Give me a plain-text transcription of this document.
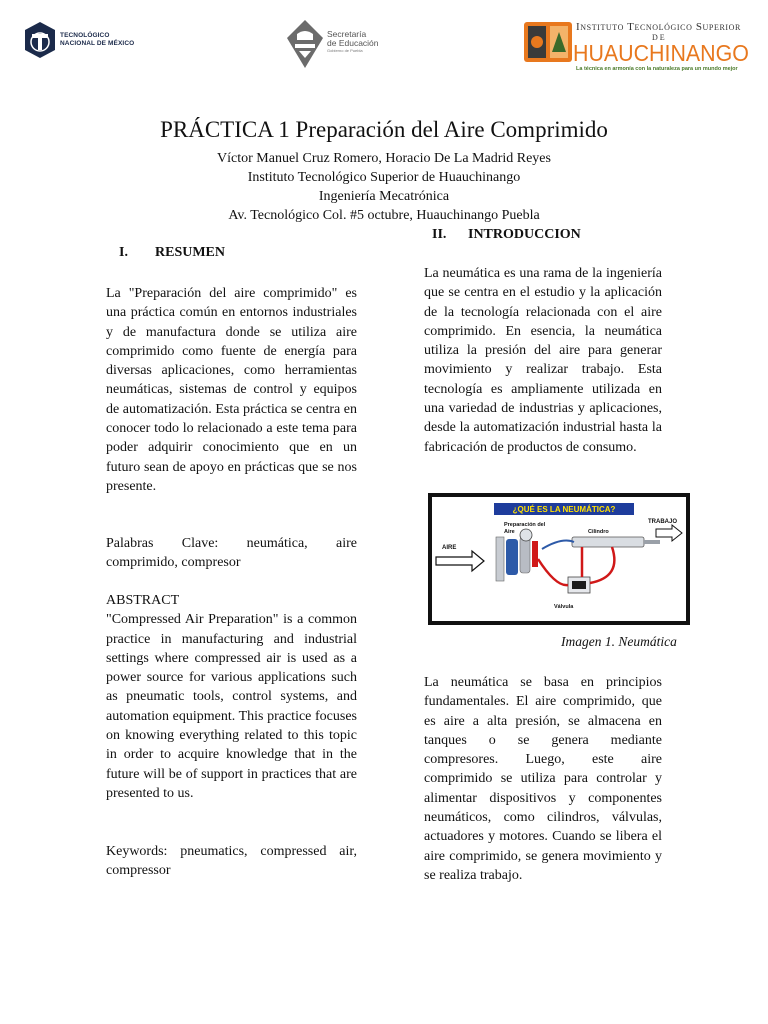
TECNOLÓGICO
NACIONAL DE MÉXICO
Secretaría
de Educación
Gobierno de Puebla
Instituto Tecnológico Superior
DE
HUAUCHINANGO
La técnica en armonía con la naturaleza para un mundo mejor
PRÁCTICA 1 Preparación del Aire Comprimido
Víctor Manuel Cruz Romero, Horacio De La Madrid Reyes
Instituto Tecnológico Superior de Huauchinango
Ingeniería Mecatrónica
Av. Tecnológico Col. #5 octubre, Huauchinango Puebla
I. RESUMEN

La "Preparación del aire comprimido" es una práctica común en entornos industriales y de manufactura donde se utiliza aire comprimido como fuente de energía para diversas aplicaciones, como herramientas neumáticas, sistemas de control y equipos de automatización. Esta práctica se centra en conocer todo lo relacionado a este tema para poder adquirir conocimiento que en un futuro sean de apoyo en prácticas que se nos presente.

Palabras Clave: neumática, aire comprimido, compresor

ABSTRACT

"Compressed Air Preparation" is a common practice in manufacturing and industrial settings where compressed air is used as a power source for various applications such as pneumatic tools, control systems, and automation equipment. This practice focuses on knowing everything related to this topic in order to acquire knowledge that in the future will be of support in practices that are presented to us.

Keywords: pneumatics, compressed air, compressor

II. INTRODUCCION

La neumática es una rama de la ingeniería que se centra en el estudio y la aplicación de la tecnología relacionada con el aire comprimido. En esencia, la neumática utiliza la presión del aire para generar movimiento y realizar trabajo. Esta tecnología es ampliamente utilizada en una variedad de industrias y aplicaciones, desde la automatización industrial hasta la fabricación de productos de consumo.

¿QUÉ ES LA NEUMÁTICA?
Preparación del
Aire	Cilindro
TRABAJO
AIRE
Válvula
Imagen 1. Neumática

La neumática se basa en principios fundamentales. El aire comprimido, que es aire a alta presión, se almacena en tanques o se genera mediante compresores. Luego, este aire comprimido se utiliza para controlar y alimentar dispositivos y componentes neumáticos, como cilindros, válvulas, actuadores y motores. Cuando se libera el aire comprimido, se genera movimiento y se realiza trabajo.
